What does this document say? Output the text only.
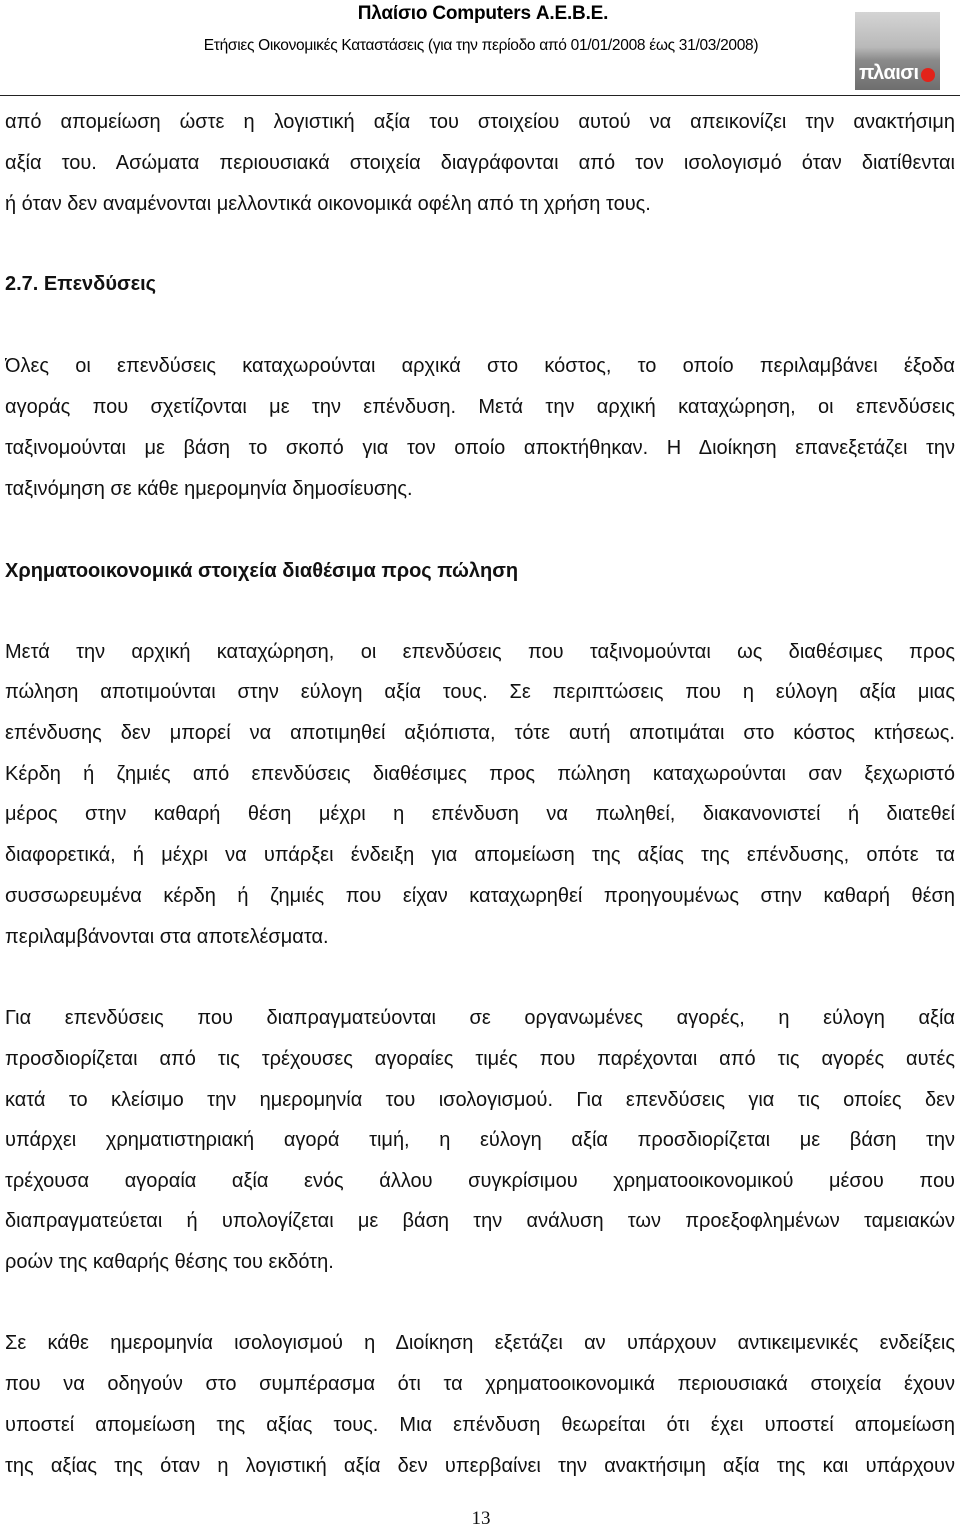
Πλαίσιο Computers Α.Ε.Β.Ε.
Ετήσιες Οικονομικές Καταστάσεις (για την περίοδο από 01/01/2008 έως 31/03/2008)
πλαισι
από απομείωση ώστε η λογιστική αξία του στοιχείου αυτού να απεικονίζει την ανακτήσιμη
αξία του. Ασώματα περιουσιακά στοιχεία διαγράφονται από τον ισολογισμό όταν διατίθενται
ή όταν δεν αναμένονται μελλοντικά οικονομικά οφέλη από τη χρήση τους.
2.7. Επενδύσεις
Όλες οι επενδύσεις καταχωρούνται αρχικά στο κόστος, το οποίο περιλαμβάνει έξοδα
αγοράς που σχετίζονται με την επένδυση. Μετά την αρχική καταχώρηση, οι επενδύσεις
ταξινομούνται με βάση το σκοπό για τον οποίο αποκτήθηκαν. Η Διοίκηση επανεξετάζει την
ταξινόμηση σε κάθε ημερομηνία δημοσίευσης.
Χρηματοοικονομικά στοιχεία διαθέσιμα προς πώληση
Μετά την αρχική καταχώρηση, οι επενδύσεις που ταξινομούνται ως διαθέσιμες προς
πώληση αποτιμούνται στην εύλογη αξία τους. Σε περιπτώσεις που η εύλογη αξία μιας
επένδυσης δεν μπορεί να αποτιμηθεί αξιόπιστα, τότε αυτή αποτιμάται στο κόστος κτήσεως.
Κέρδη ή ζημιές από επενδύσεις διαθέσιμες προς πώληση καταχωρούνται σαν ξεχωριστό
μέρος στην καθαρή θέση μέχρι η επένδυση να πωληθεί, διακανονιστεί ή διατεθεί
διαφορετικά, ή μέχρι να υπάρξει ένδειξη για απομείωση της αξίας της επένδυσης, οπότε τα
συσσωρευμένα κέρδη ή ζημιές που είχαν καταχωρηθεί προηγουμένως στην καθαρή θέση
περιλαμβάνονται στα αποτελέσματα.
Για επενδύσεις που διαπραγματεύονται σε οργανωμένες αγορές, η εύλογη αξία
προσδιορίζεται από τις τρέχουσες αγοραίες τιμές που παρέχονται από τις αγορές αυτές
κατά το κλείσιμο την ημερομηνία του ισολογισμού. Για επενδύσεις για τις οποίες δεν
υπάρχει χρηματιστηριακή αγορά τιμή, η εύλογη αξία προσδιορίζεται με βάση την
τρέχουσα αγοραία αξία ενός άλλου συγκρίσιμου χρηματοοικονομικού μέσου που
διαπραγματεύεται ή υπολογίζεται με βάση την ανάλυση των προεξοφλημένων ταμειακών
ροών της καθαρής θέσης του εκδότη.
Σε κάθε ημερομηνία ισολογισμού η Διοίκηση εξετάζει αν υπάρχουν αντικειμενικές ενδείξεις
που να οδηγούν στο συμπέρασμα ότι τα χρηματοοικονομικά περιουσιακά στοιχεία έχουν
υποστεί απομείωση της αξίας τους. Μια επένδυση θεωρείται ότι έχει υποστεί απομείωση
της αξίας της όταν η λογιστική αξία δεν υπερβαίνει την ανακτήσιμη αξία της και υπάρχουν
13
